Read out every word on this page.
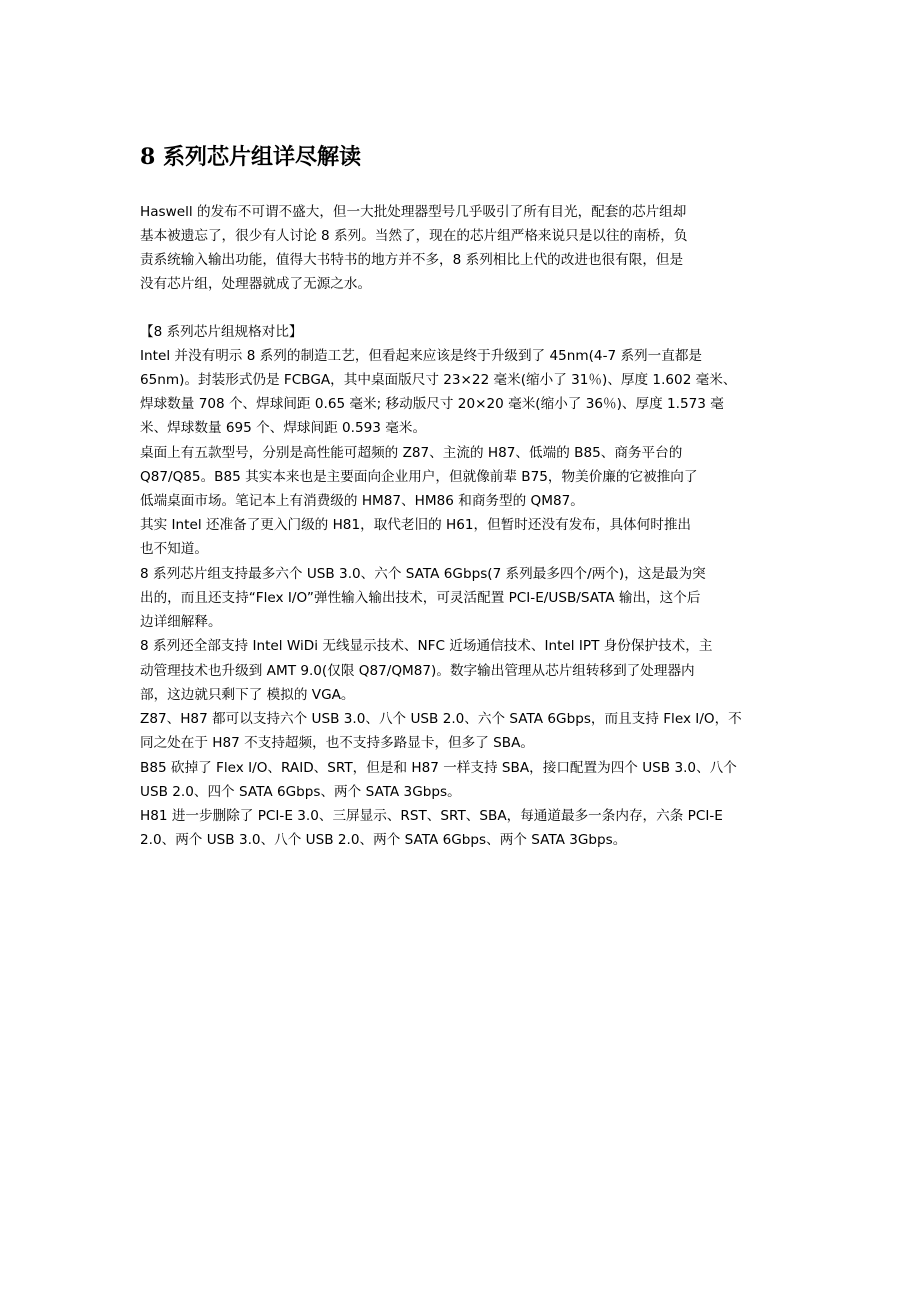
8 系列芯片组详尽解读

Haswell 的发布不可谓不盛大，但一大批处理器型号几乎吸引了所有目光，配套的芯片组却

基本被遗忘了，很少有人讨论 8 系列。当然了，现在的芯片组严格来说只是以往的南桥，负

责系统输入输出功能，值得大书特书的地方并不多，8 系列相比上代的改进也很有限，但是

没有芯片组，处理器就成了无源之水。

【8 系列芯片组规格对比】

Intel 并没有明示 8 系列的制造工艺，但看起来应该是终于升级到了 45nm(4-7 系列一直都是

65nm)。封装形式仍是 FCBGA，其中桌面版尺寸 23×22 毫米(缩小了 31％)、厚度 1.602 毫米、

焊球数量 708 个、焊球间距 0.65 毫米; 移动版尺寸 20×20 毫米(缩小了 36％)、厚度 1.573 毫

米、焊球数量 695 个、焊球间距 0.593 毫米。

桌面上有五款型号，分别是高性能可超频的 Z87、主流的 H87、低端的 B85、商务平台的

Q87/Q85。B85 其实本来也是主要面向企业用户，但就像前辈 B75，物美价廉的它被推向了

低端桌面市场。笔记本上有消费级的 HM87、HM86 和商务型的 QM87。

其实 Intel 还准备了更入门级的 H81，取代老旧的 H61，但暂时还没有发布，具体何时推出

也不知道。

8 系列芯片组支持最多六个 USB 3.0、六个 SATA 6Gbps(7 系列最多四个/两个)，这是最为突

出的，而且还支持“Flex I/O”弹性输入输出技术，可灵活配置 PCI-E/USB/SATA 输出，这个后

边详细解释。

8 系列还全部支持 Intel WiDi 无线显示技术、NFC 近场通信技术、Intel IPT 身份保护技术，主

动管理技术也升级到 AMT 9.0(仅限 Q87/QM87)。数字输出管理从芯片组转移到了处理器内

部，这边就只剩下了 模拟的 VGA。

Z87、H87 都可以支持六个 USB 3.0、八个 USB 2.0、六个 SATA 6Gbps，而且支持 Flex I/O，不

同之处在于 H87 不支持超频，也不支持多路显卡，但多了 SBA。

B85 砍掉了 Flex I/O、RAID、SRT，但是和 H87 一样支持 SBA，接口配置为四个 USB 3.0、八个

USB 2.0、四个 SATA 6Gbps、两个 SATA 3Gbps。

H81 进一步删除了 PCI-E 3.0、三屏显示、RST、SRT、SBA，每通道最多一条内存，六条 PCI-E

2.0、两个 USB 3.0、八个 USB 2.0、两个 SATA 6Gbps、两个 SATA 3Gbps。
